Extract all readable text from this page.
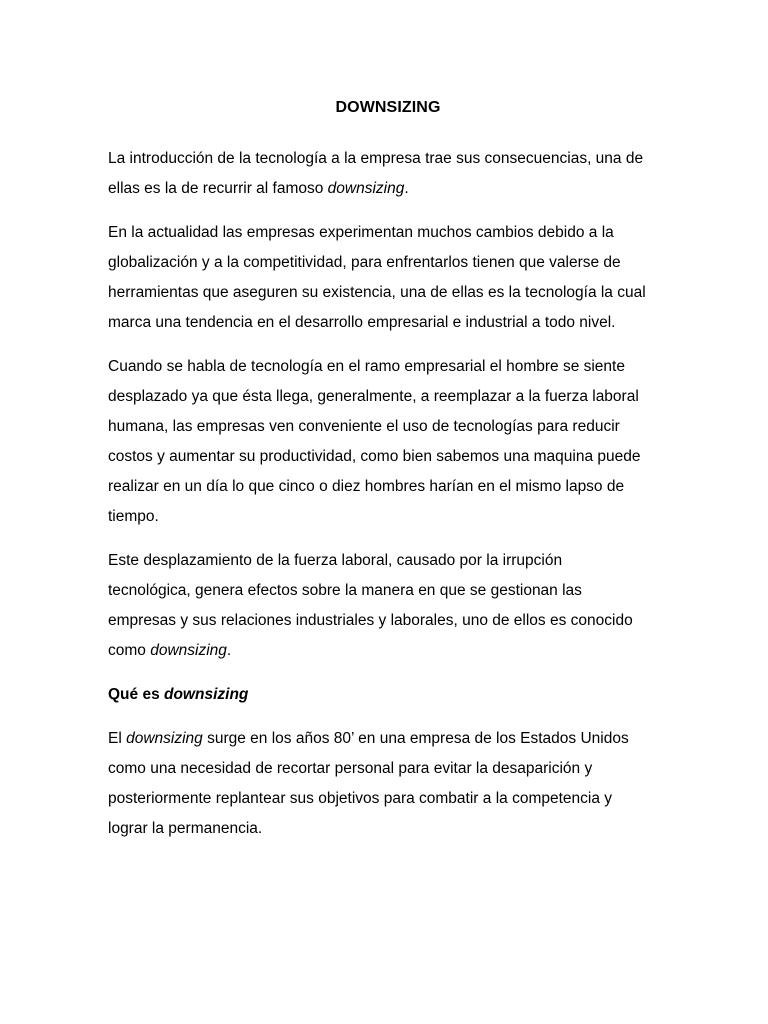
DOWNSIZING

La introducción de la tecnología a la empresa trae sus consecuencias, una de
ellas es la de recurrir al famoso downsizing.

En la actualidad las empresas experimentan muchos cambios debido a la
globalización y a la competitividad, para enfrentarlos tienen que valerse de
herramientas que aseguren su existencia, una de ellas es la tecnología la cual
marca una tendencia en el desarrollo empresarial e industrial a todo nivel.

Cuando se habla de tecnología en el ramo empresarial el hombre se siente
desplazado ya que ésta llega, generalmente, a reemplazar a la fuerza laboral
humana, las empresas ven conveniente el uso de tecnologías para reducir
costos y aumentar su productividad, como bien sabemos una maquina puede
realizar en un día lo que cinco o diez hombres harían en el mismo lapso de
tiempo.

Este desplazamiento de la fuerza laboral, causado por la irrupción
tecnológica, genera efectos sobre la manera en que se gestionan las
empresas y sus relaciones industriales y laborales, uno de ellos es conocido
como downsizing.

Qué es downsizing

El downsizing surge en los años 80’ en una empresa de los Estados Unidos
como una necesidad de recortar personal para evitar la desaparición y
posteriormente replantear sus objetivos para combatir a la competencia y
lograr la permanencia.
